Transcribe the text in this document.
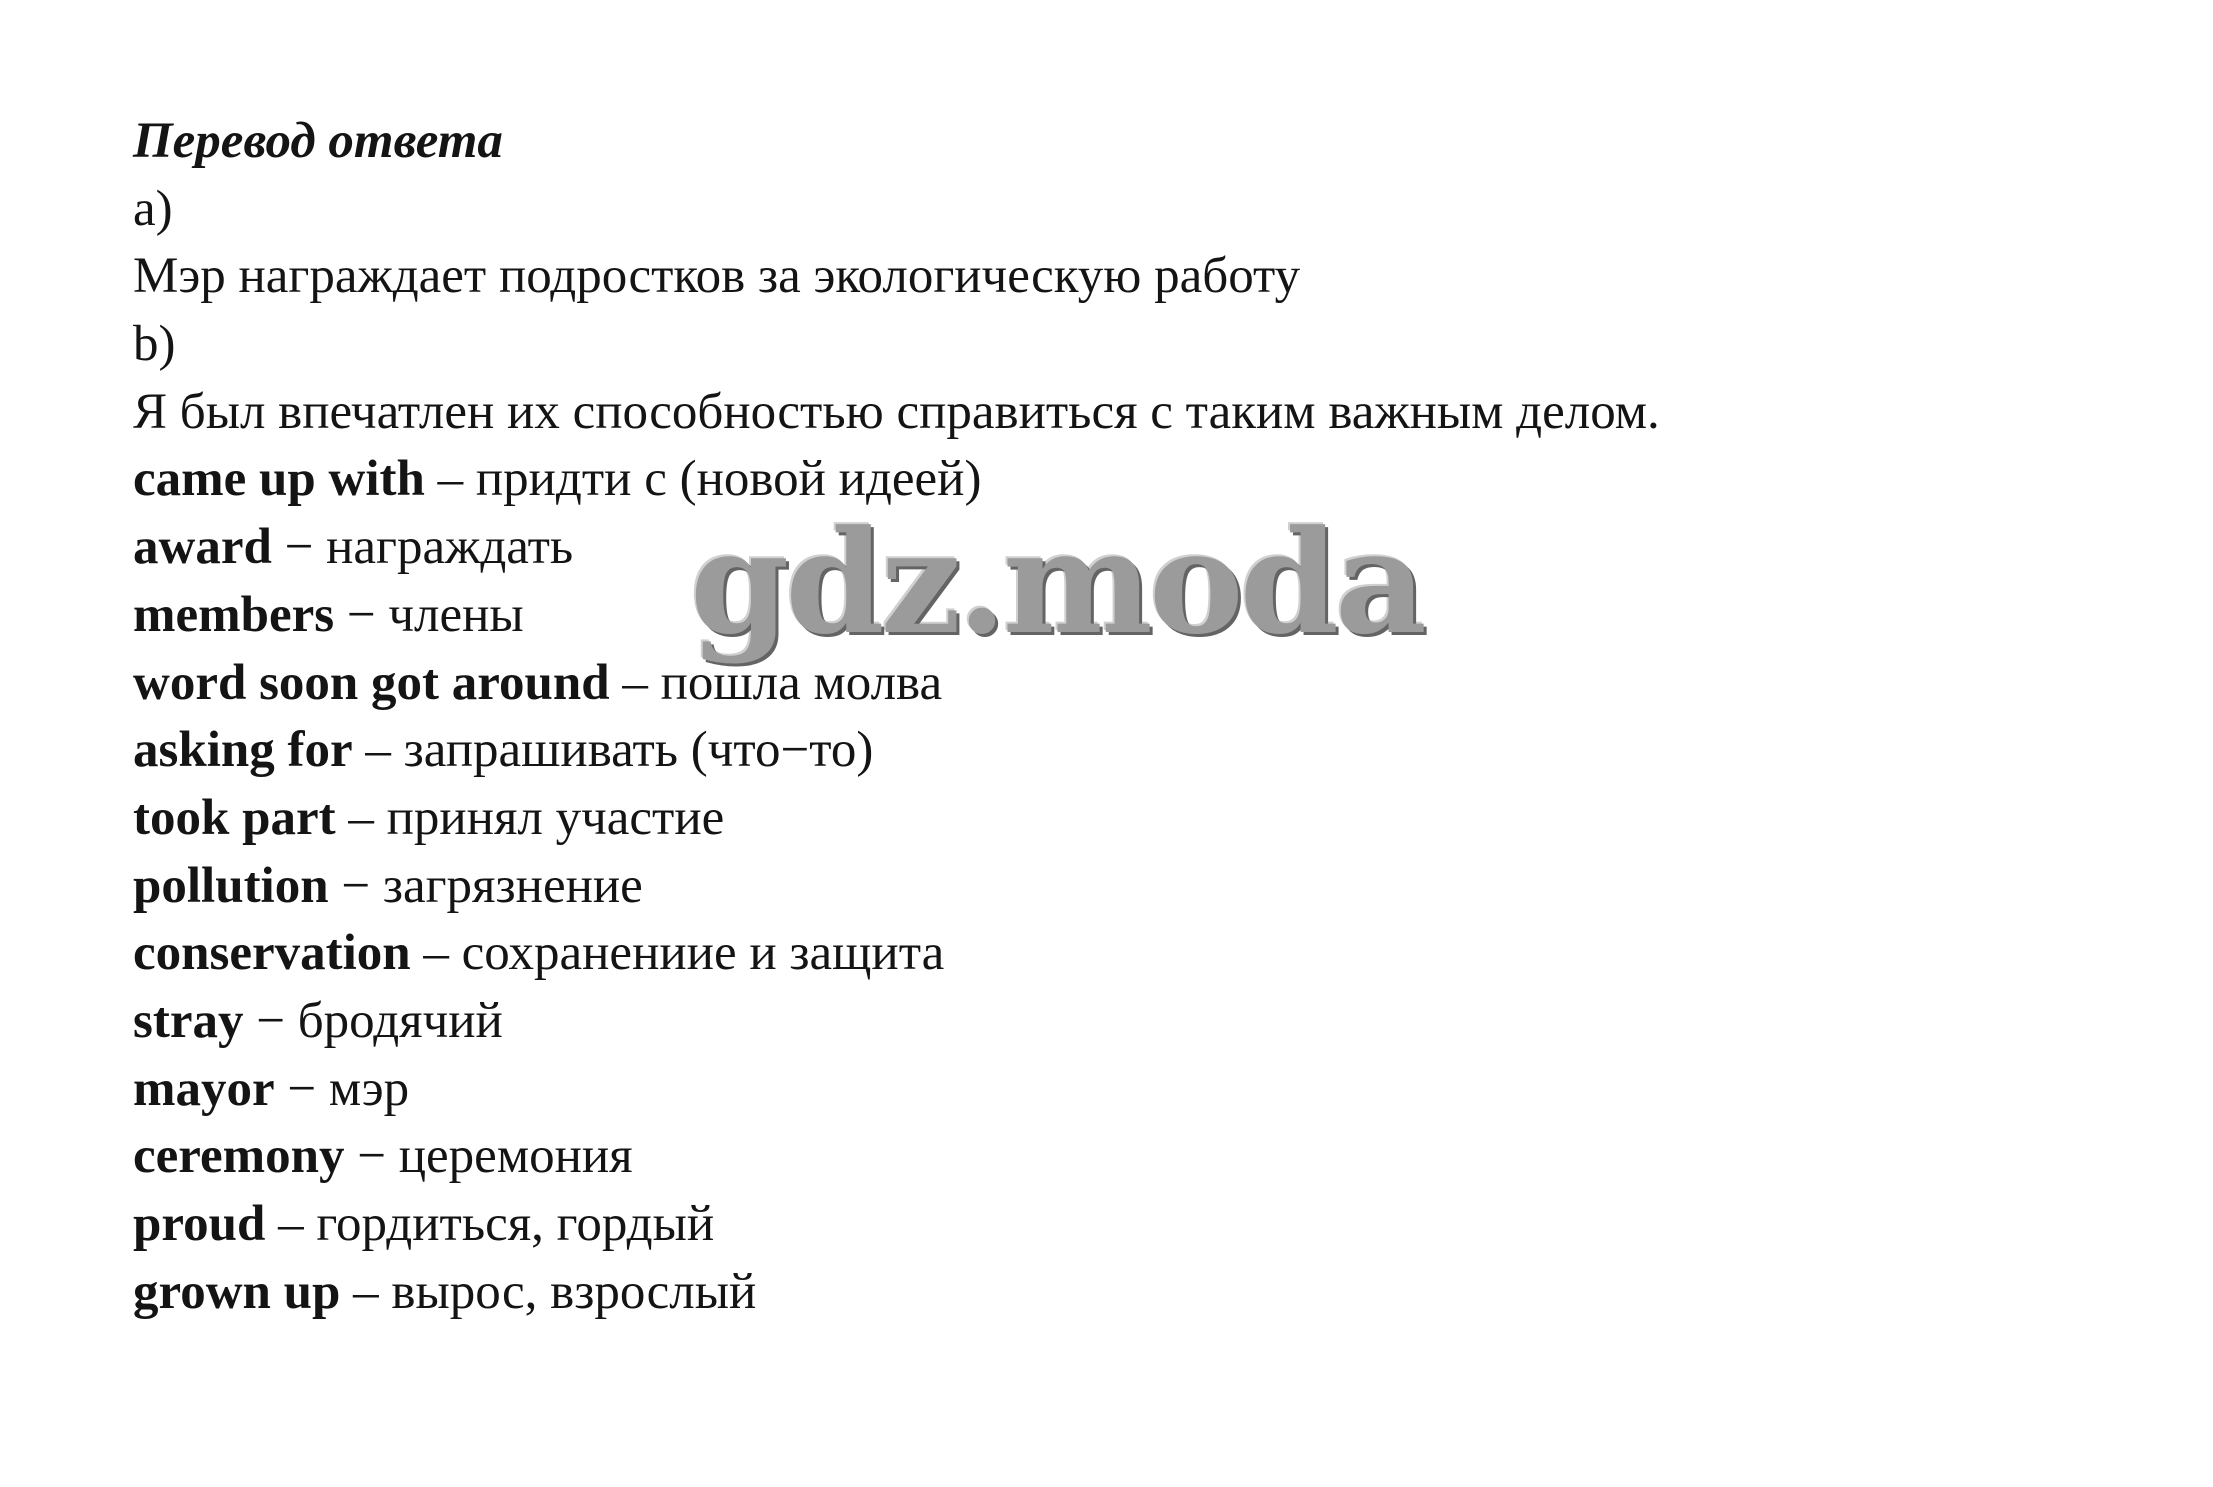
Перевод ответа
a)
Мэр награждает подростков за экологическую работу
b)
Я был впечатлен их способностью справиться с таким важным делом.
came up with – придти с (новой идеей)
award − награждать
members − члены
word soon got around – пошла молва
asking for – запрашивать (что−то)
took part – принял участие
pollution − загрязнение
conservation – сохранениие и защита
stray − бродячий
mayor − мэр
ceremony − церемония
proud – гордиться, гордый
grown up – вырос, взрослый
gdz.moda
